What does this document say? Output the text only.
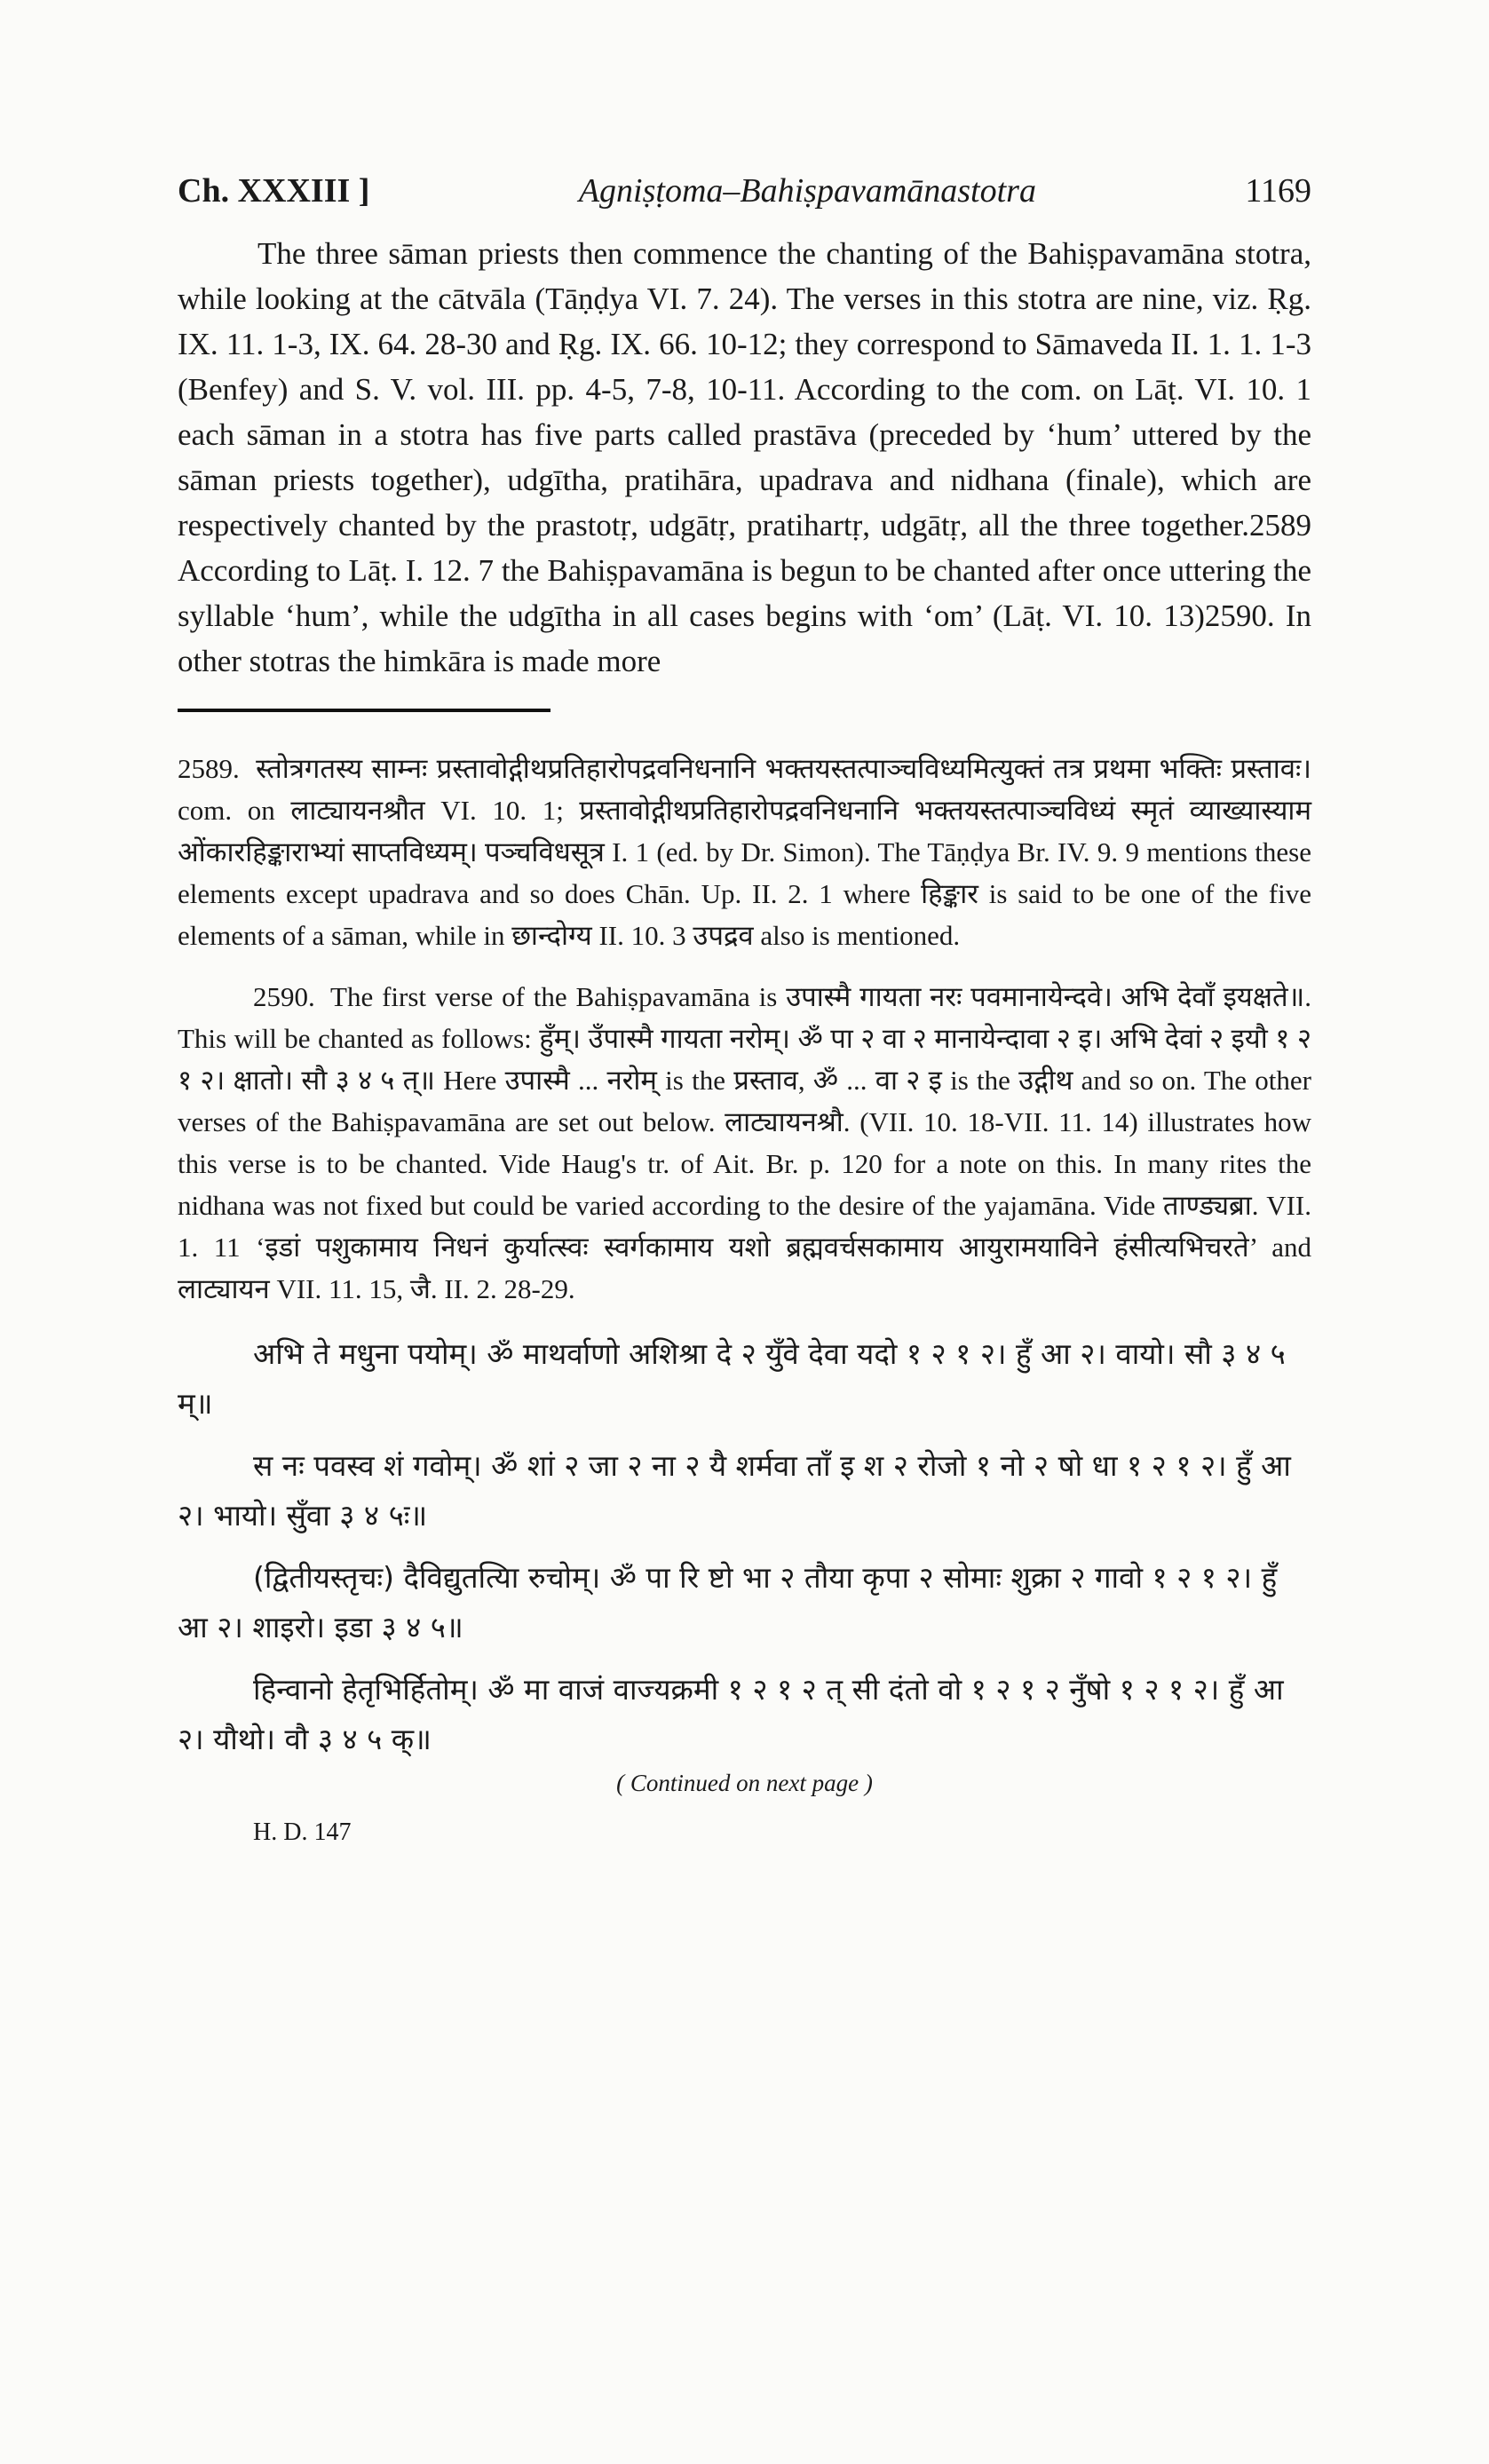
Ch. XXXIII ]	Agniṣṭoma–Bahiṣpavamānastotra	1169

The three sāman priests then commence the chanting of the Bahiṣpavamāna stotra, while looking at the cātvāla (Tāṇḍya VI. 7. 24). The verses in this stotra are nine, viz. Ṛg. IX. 11. 1-3, IX. 64. 28-30 and Ṛg. IX. 66. 10-12; they correspond to Sāmaveda II. 1. 1. 1-3 (Benfey) and S. V. vol. III. pp. 4-5, 7-8, 10-11. According to the com. on Lāṭ. VI. 10. 1 each sāman in a stotra has five parts called prastāva (preceded by ‘hum’ uttered by the sāman priests together), udgītha, pratihāra, upadrava and nidhana (finale), which are respectively chanted by the prastotṛ, udgātṛ, pratihartṛ, udgātṛ, all the three together.2589 According to Lāṭ. I. 12. 7 the Bahiṣpavamāna is begun to be chanted after once uttering the syllable ‘hum’, while the udgītha in all cases begins with ‘om’ (Lāṭ. VI. 10. 13)2590. In other stotras the himkāra is made more

2589. स्तोत्रगतस्य साम्नः प्रस्तावोद्गीथप्रतिहारोपद्रवनिधनानि भक्तयस्तत्पाञ्चविध्यमित्युक्तं तत्र प्रथमा भक्तिः प्रस्तावः। com. on लाट्यायनश्रौत VI. 10. 1; प्रस्तावोद्गीथप्रतिहारोपद्रवनिधनानि भक्तयस्तत्पाञ्चविध्यं स्मृतं व्याख्यास्याम ओंकारहिङ्काराभ्यां साप्तविध्यम्। पञ्चविधसूत्र I. 1 (ed. by Dr. Simon). The Tāṇḍya Br. IV. 9. 9 mentions these elements except upadrava and so does Chān. Up. II. 2. 1 where हिङ्कार is said to be one of the five elements of a sāman, while in छान्दोग्य II. 10. 3 उपद्रव also is mentioned.

2590. The first verse of the Bahiṣpavamāna is उपास्मै गायता नरः पवमानायेन्दवे। अभि देवाँ इयक्षते॥. This will be chanted as follows: हुँम्। उँपास्मै गायता नरोम्। ॐ पा २ वा २ मानायेन्दावा २ इ। अभि देवां २ इयौ १ २ १ २। क्षातो। सौ ३ ४ ५ त्॥ Here उपास्मै ... नरोम् is the प्रस्ताव, ॐ ... वा २ इ is the उद्गीथ and so on. The other verses of the Bahiṣpavamāna are set out below. लाट्यायनश्रौ. (VII. 10. 18-VII. 11. 14) illustrates how this verse is to be chanted. Vide Haug's tr. of Ait. Br. p. 120 for a note on this. In many rites the nidhana was not fixed but could be varied according to the desire of the yajamāna. Vide ताण्ड्यब्रा. VII. 1. 11 ‘इडां पशुकामाय निधनं कुर्यात्स्वः स्वर्गकामाय यशो ब्रह्मवर्चसकामाय आयुरामयाविने हंसीत्यभिचरते’ and लाट्यायन VII. 11. 15, जै. II. 2. 28-29.

अभि ते मधुना पयोम्। ॐ माथर्वाणो अशिश्रा दे २ युँवे देवा यदो १ २ १ २। हुँ आ २। वायो। सौ ३ ४ ५ म्॥

स नः पवस्व शं गवोम्। ॐ शां २ जा २ ना २ यै शर्मवा ताँ इ श २ रोजो १ नो २ षो धा १ २ १ २। हुँ आ २। भायो। सुँवा ३ ४ ५ः॥

(द्वितीयस्तृचः) दैविद्युतत्यिा रुचोम्। ॐ पा रि ष्टो भा २ तौया कृपा २ सोमाः शुक्रा २ गावो १ २ १ २। हुँ आ २। शाइरो। इडा ३ ४ ५॥

हिन्वानो हेतृभिर्हितोम्। ॐ मा वाजं वाज्यक्रमी १ २ १ २ त् सी दंतो वो १ २ १ २ नुँषो १ २ १ २। हुँ आ २। यौथो। वौ ३ ४ ५ क्॥

( Continued on next page )
H. D. 147
